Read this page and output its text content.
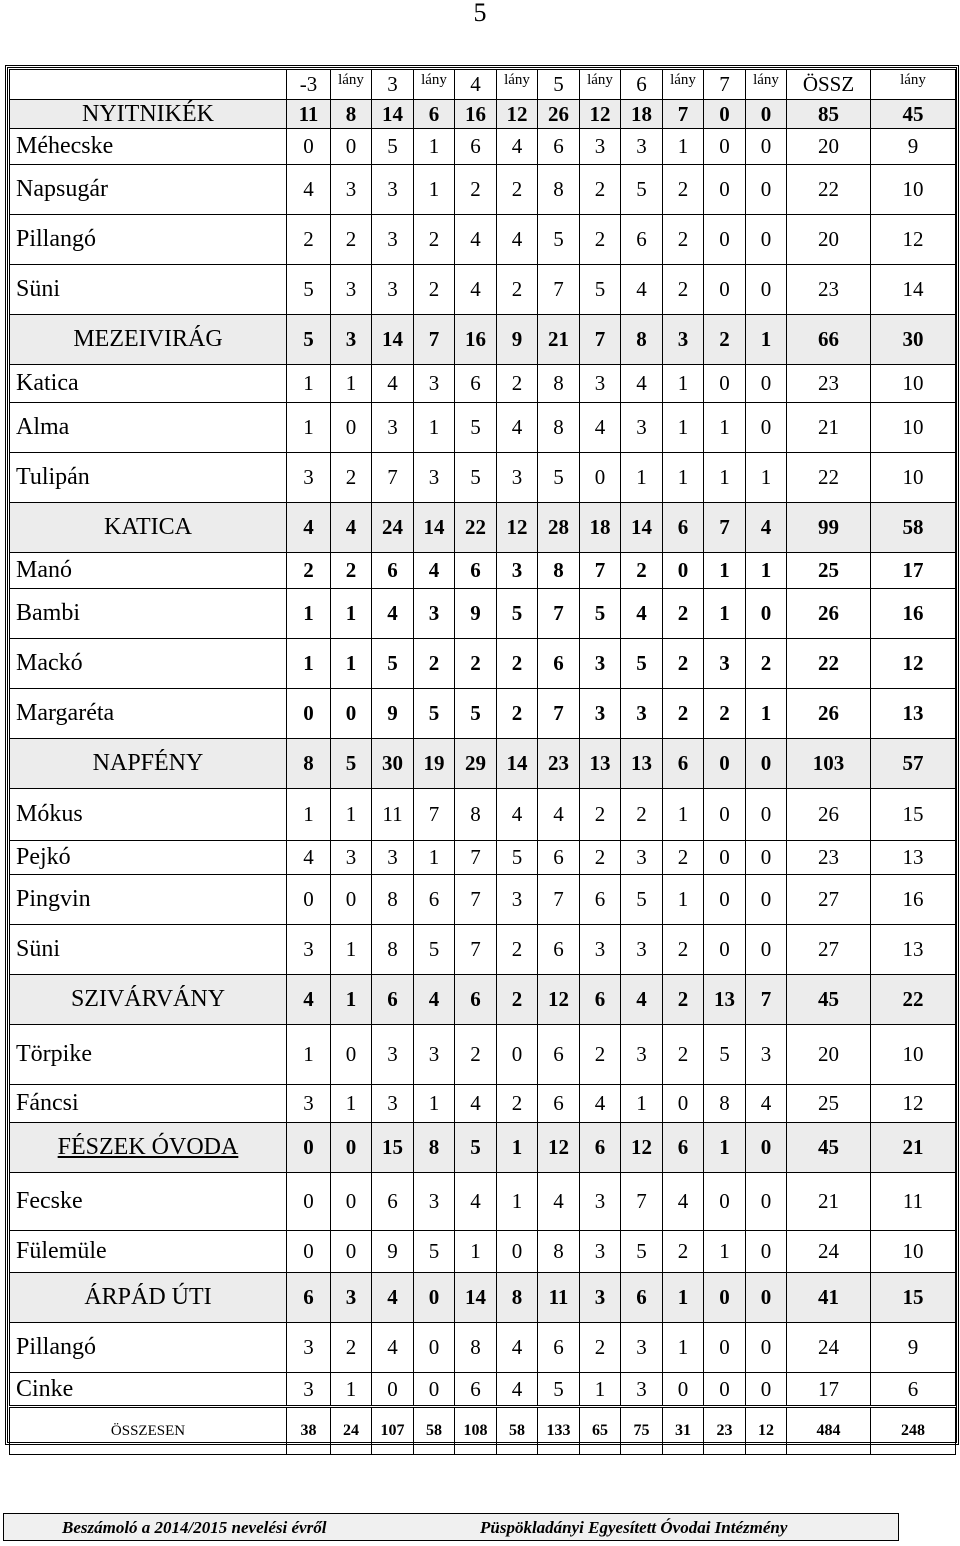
5
	-3	lány	3	lány	4	lány	5	lány	6	lány	7	lány	ÖSSZ	lány
NYITNIKÉK	11	8	14	6	16	12	26	12	18	7	0	0	85	45
Méhecske	0	0	5	1	6	4	6	3	3	1	0	0	20	9
Napsugár	4	3	3	1	2	2	8	2	5	2	0	0	22	10
Pillangó	2	2	3	2	4	4	5	2	6	2	0	0	20	12
Süni	5	3	3	2	4	2	7	5	4	2	0	0	23	14
MEZEIVIRÁG	5	3	14	7	16	9	21	7	8	3	2	1	66	30
Katica	1	1	4	3	6	2	8	3	4	1	0	0	23	10
Alma	1	0	3	1	5	4	8	4	3	1	1	0	21	10
Tulipán	3	2	7	3	5	3	5	0	1	1	1	1	22	10
KATICA	4	4	24	14	22	12	28	18	14	6	7	4	99	58
Manó	2	2	6	4	6	3	8	7	2	0	1	1	25	17
Bambi	1	1	4	3	9	5	7	5	4	2	1	0	26	16
Mackó	1	1	5	2	2	2	6	3	5	2	3	2	22	12
Margaréta	0	0	9	5	5	2	7	3	3	2	2	1	26	13
NAPFÉNY	8	5	30	19	29	14	23	13	13	6	0	0	103	57
Mókus	1	1	11	7	8	4	4	2	2	1	0	0	26	15
Pejkó	4	3	3	1	7	5	6	2	3	2	0	0	23	13
Pingvin	0	0	8	6	7	3	7	6	5	1	0	0	27	16
Süni	3	1	8	5	7	2	6	3	3	2	0	0	27	13
SZIVÁRVÁNY	4	1	6	4	6	2	12	6	4	2	13	7	45	22
Törpike	1	0	3	3	2	0	6	2	3	2	5	3	20	10
Fáncsi	3	1	3	1	4	2	6	4	1	0	8	4	25	12
FÉSZEK ÓVODA	0	0	15	8	5	1	12	6	12	6	1	0	45	21
Fecske	0	0	6	3	4	1	4	3	7	4	0	0	21	11
Fülemüle	0	0	9	5	1	0	8	3	5	2	1	0	24	10
ÁRPÁD ÚTI	6	3	4	0	14	8	11	3	6	1	0	0	41	15
Pillangó	3	2	4	0	8	4	6	2	3	1	0	0	24	9
Cinke	3	1	0	0	6	4	5	1	3	0	0	0	17	6
ÖSSZESEN	38	24	107	58	108	58	133	65	75	31	23	12	484	248
Beszámoló a 2014/2015 nevelési évről	Püspökladányi Egyesített Óvodai Intézmény
